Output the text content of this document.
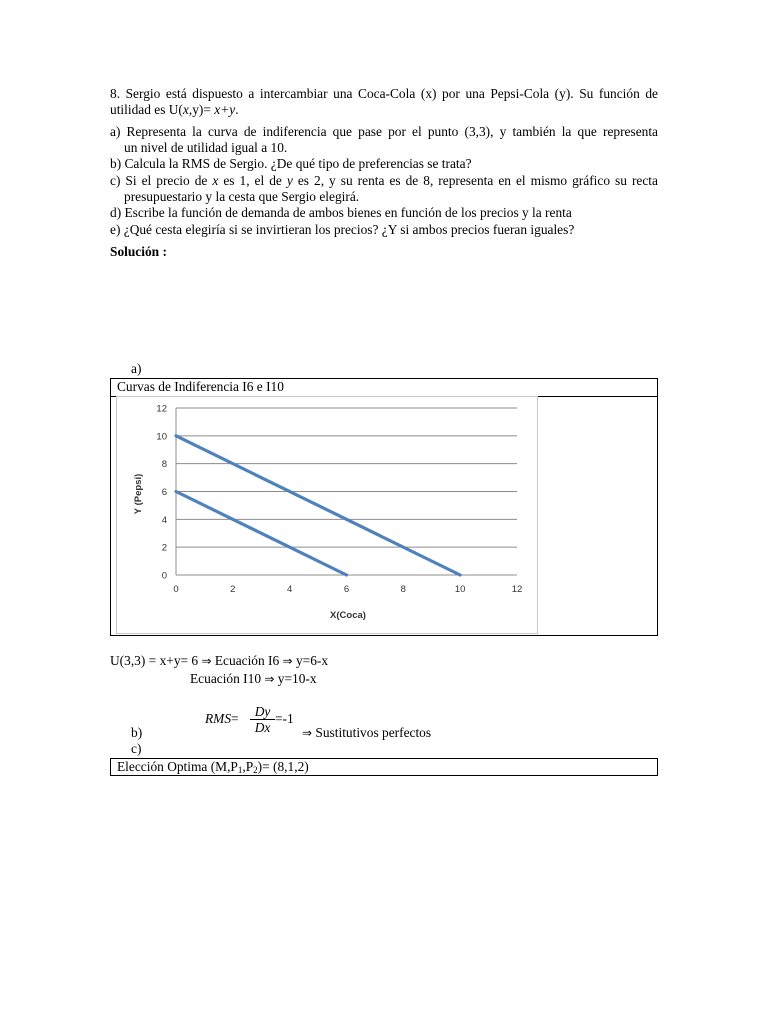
8. Sergio está dispuesto a intercambiar una Coca-Cola (x) por una Pepsi-Cola (y). Su función de
utilidad es U(x,y)= x+y.
a) Representa la curva de indiferencia que pase por el punto (3,3), y también la que representa
un nivel de utilidad igual a 10.
b) Calcula la RMS de Sergio. ¿De qué tipo de preferencias se trata?
c) Si el precio de x es 1, el de y es 2, y su renta es de 8, representa en el mismo gráfico su recta
presupuestario y la cesta que Sergio elegirá.
d) Escribe la función de demanda de ambos bienes en función de los precios y la renta
e) ¿Qué cesta elegiría si se invirtieran los precios? ¿Y si ambos precios fueran iguales?
Solución :
a)
Curvas de Indiferencia I6 e I10
0
2
4
6
8
10
12
0	2	4	6	8	10	12
X(Coca)
Y (Pepsi)
U(3,3) = x+y= 6 ⇒ Ecuación I6 ⇒ y=6-x
Ecuación I10 ⇒ y=10-x
RMS=	Dy
Dx
=-1
b)	⇒ Sustitutivos perfectos
c)
Elección Optima $(M,P_1,P_2)= (8,1,2)$
